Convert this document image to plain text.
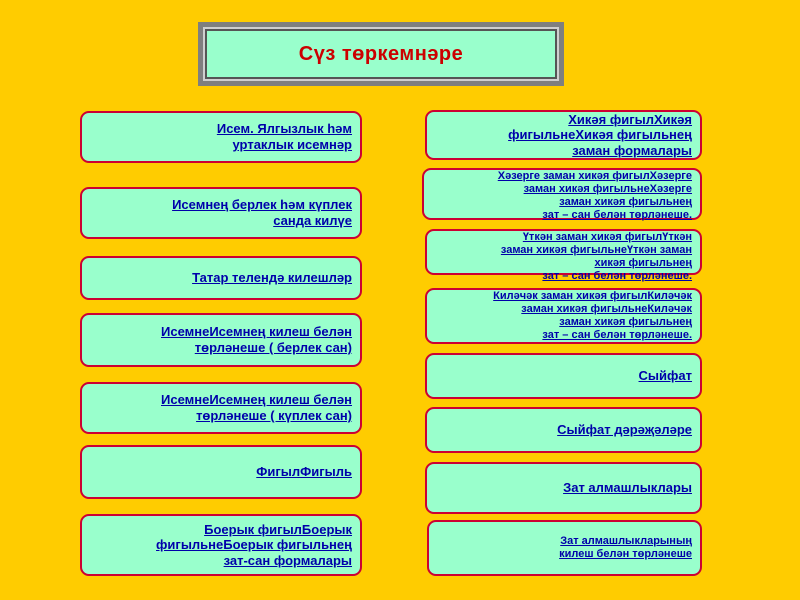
Сүз төркемнәре
Исем. Ялгызлык һәм
уртаклык исемнәр
Исемнең берлек һәм күплек
санда килүе
Татар телендә килешләр
ИсемнеИсемнең килеш белән
төрләнеше ( берлек сан)
ИсемнеИсемнең килеш белән
төрләнеше ( күплек сан)
ФигылФигыль
Боерык фигылБоерык
фигыльнеБоерык фигыльнең
зат-сан формалары
Хикәя фигылХикәя
фигыльнеХикәя фигыльнең
заман формалары
Хәзерге заман хикәя фигылХәзерге
заман хикәя фигыльнеХәзерге
заман хикәя фигыльнең
зат – сан белән төрләнеше.
Үткән заман хикәя фигылҮткән
заман хикәя фигыльнеҮткән заман
хикәя фигыльнең
зат – сан белән төрләнеше.
Киләчәк заман хикәя фигылКиләчәк
заман хикәя фигыльнеКиләчәк
заман хикәя фигыльнең
зат – сан белән төрләнеше.
Сыйфат
Сыйфат дәрәҗәләре
Зат алмашлыклары
Зат алмашлыкларының
килеш белән төрләнеше
